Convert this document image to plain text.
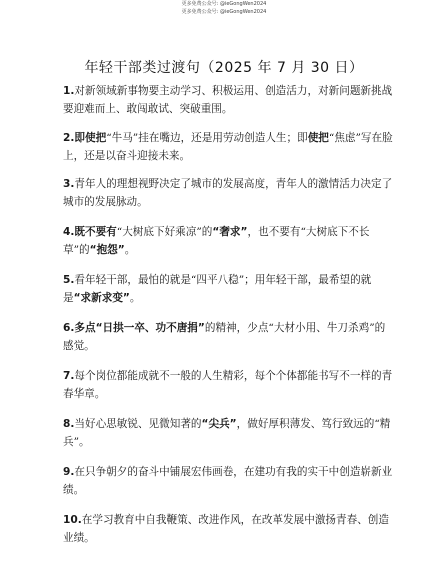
更多免费公众号: @ieGongWen2024
更多免费公众号: @ieGongWen2024
年轻干部类过渡句（2025 年 7 月 30 日）

1.对新领域新事物要主动学习、积极运用、创造活力，对新问题新挑战要迎难而上、敢闯敢试、突破重围。

2.即使把“牛马”挂在嘴边，还是用劳动创造人生；即使把“焦虑”写在脸上，还是以奋斗迎接未来。

3.青年人的理想视野决定了城市的发展高度，青年人的激情活力决定了城市的发展脉动。

4.既不要有“大树底下好乘凉”的“奢求”，也不要有“大树底下不长草”的“抱怨”。

5.看年轻干部，最怕的就是“四平八稳”；用年轻干部，最希望的就是“求新求变”。

6.多点“日拱一卒、功不唐捐”的精神，少点“大材小用、牛刀杀鸡”的感觉。

7.每个岗位都能成就不一般的人生精彩，每个个体都能书写不一样的青春华章。

8.当好心思敏锐、见微知著的“尖兵”，做好厚积薄发、笃行致远的“精兵”。

9.在只争朝夕的奋斗中铺展宏伟画卷，在建功有我的实干中创造崭新业绩。

10.在学习教育中自我鞭策、改进作风，在改革发展中激扬青春、创造业绩。
